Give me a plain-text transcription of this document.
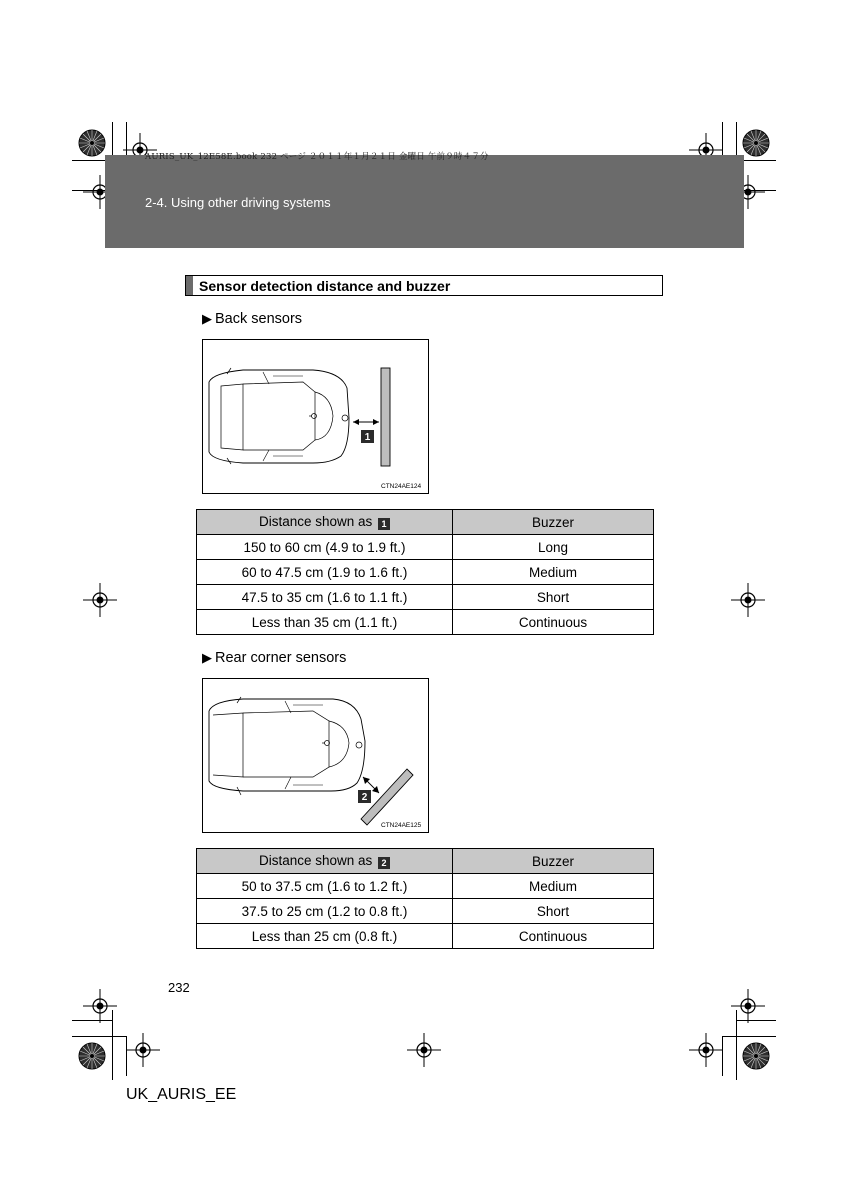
AURIS_UK_12E58E.book 232 ページ ２０１１年１月２１日 金曜日 午前９時４７分
2-4. Using other driving systems
Sensor detection distance and buzzer
▶ Back sensors
1
CTN24AE124
Distance shown as 1	Buzzer
150 to 60 cm (4.9 to 1.9 ft.)	Long
60 to 47.5 cm (1.9 to 1.6 ft.)	Medium
47.5 to 35 cm (1.6 to 1.1 ft.)	Short
Less than 35 cm (1.1 ft.)	Continuous
▶ Rear corner sensors
2
CTN24AE125
Distance shown as 2	Buzzer
50 to 37.5 cm (1.6 to 1.2 ft.)	Medium
37.5 to 25 cm (1.2 to 0.8 ft.)	Short
Less than 25 cm (0.8 ft.)	Continuous
232
UK_AURIS_EE
